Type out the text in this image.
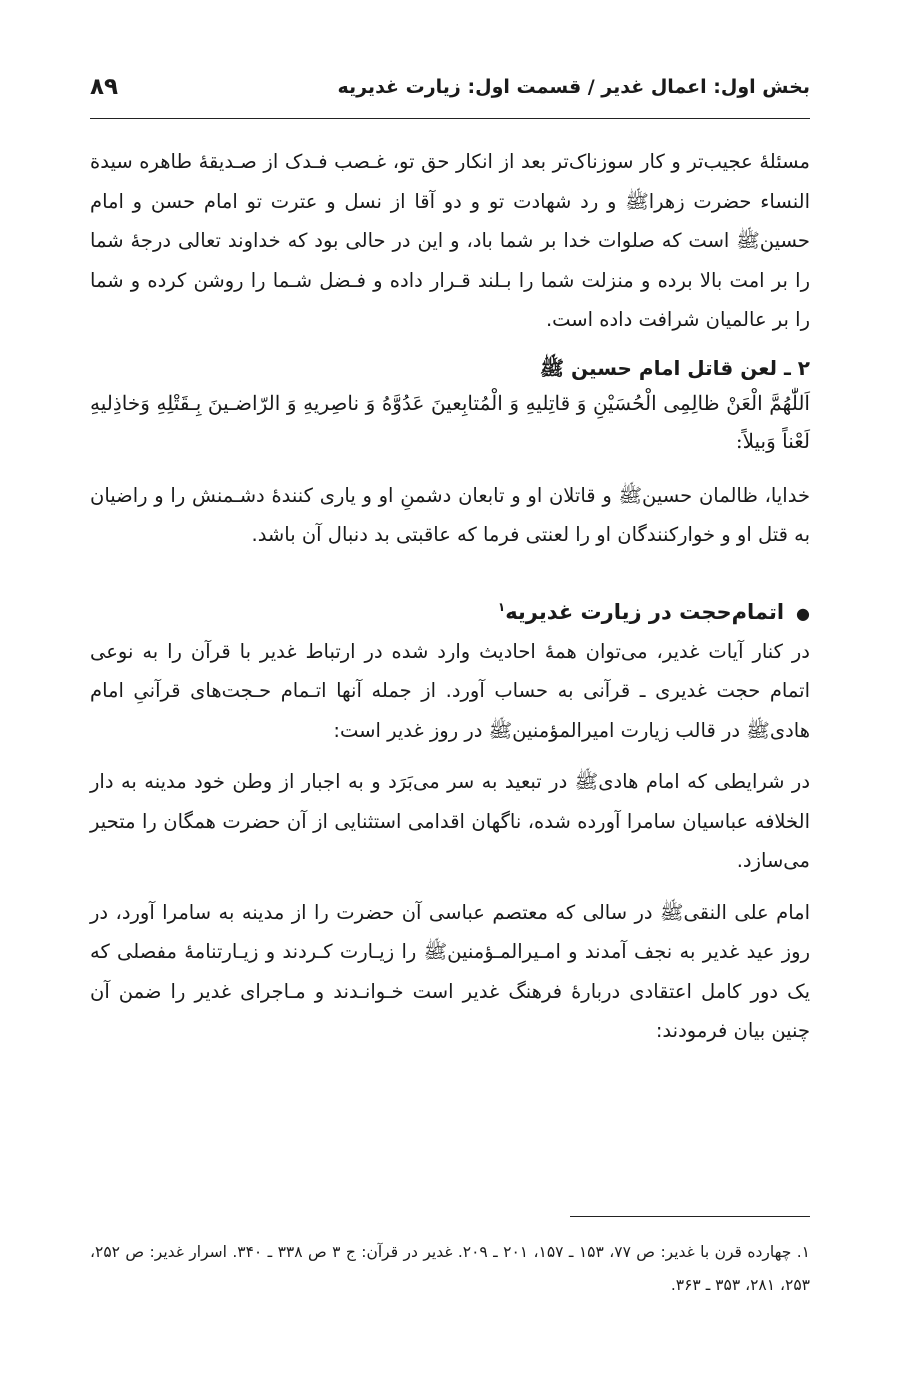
بخش اول: اعمال غدیر / قسمت اول: زیارت غدیریه
۸۹

مسئلۀ عجیب‌تر و کار سوزناک‌تر بعد از انکار حق تو، غـصب فـدک از صـدیقۀ طاهره سیدة النساء حضرت زهراﷺ و رد شهادت تو و دو آقا از نسل و عترت تو امام حسن و امام حسینﷺ است که صلوات خدا بر شما باد، و این در حالی بود که خداوند تعالی درجۀ شما را بر امت بالا برده و منزلت شما را بـلند قـرار داده و فـضل شـما را روشن کرده و شما را بر عالمیان شرافت داده است.

۲ ـ لعن قاتل امام حسین ﷺ

اَللّٰهُمَّ الْعَنْ ظالِمِی الْحُسَیْنِ وَ قاتِلیهِ وَ الْمُتابِعینَ عَدُوَّهُ وَ ناصِریهِ وَ الرّاضـینَ بِـقَتْلِهِ وَخاذِلیهِ لَعْناً وَبیلاً:

خدایا، ظالمان حسینﷺ و قاتلان او و تابعان دشمنِ او و یاری کنندۀ دشـمنش را و راضیان به قتل او و خوارکنندگان او را لعنتی فرما که عاقبتی بد دنبال آن باشد.

●اتمام‌حجت در زیارت غدیریه$^۱$

در کنار آیات غدیر، می‌توان همۀ احادیث وارد شده در ارتباط غدیر با قرآن را به نوعی اتمام حجت غدیری ـ قرآنی به حساب آورد. از جمله آنها اتـمام حـجت‌های قرآنیِ امام هادیﷺ در قالب زیارت امیرالمؤمنینﷺ در روز غدیر است:

در شرایطی که امام هادیﷺ در تبعید به سر می‌بَرَد و به اجبار از وطن خود مدینه به دار الخلافه عباسیان سامرا آورده شده، ناگهان اقدامی استثنایی از آن حضرت همگان را متحیر می‌سازد.

امام علی النقیﷺ در سالی که معتصم عباسی آن حضرت را از مدینه به سامرا آورد، در روز عید غدیر به نجف آمدند و امـیرالمـؤمنینﷺ را زیـارت کـردند و زیـارتنامۀ مفصلی که یک دور کامل اعتقادی دربارۀ فرهنگ غدیر است خـوانـدند و مـاجرای غدیر را ضمن آن چنین بیان فرمودند:

۱. چهارده قرن با غدیر: ص ۷۷، ۱۵۳ ـ ۱۵۷، ۲۰۱ ـ ۲۰۹. غدیر در قرآن: ج ۳ ص ۳۳۸ ـ ۳۴۰. اسرار غدیر: ص ۲۵۲، ۲۵۳، ۲۸۱، ۳۵۳ ـ ۳۶۳.
